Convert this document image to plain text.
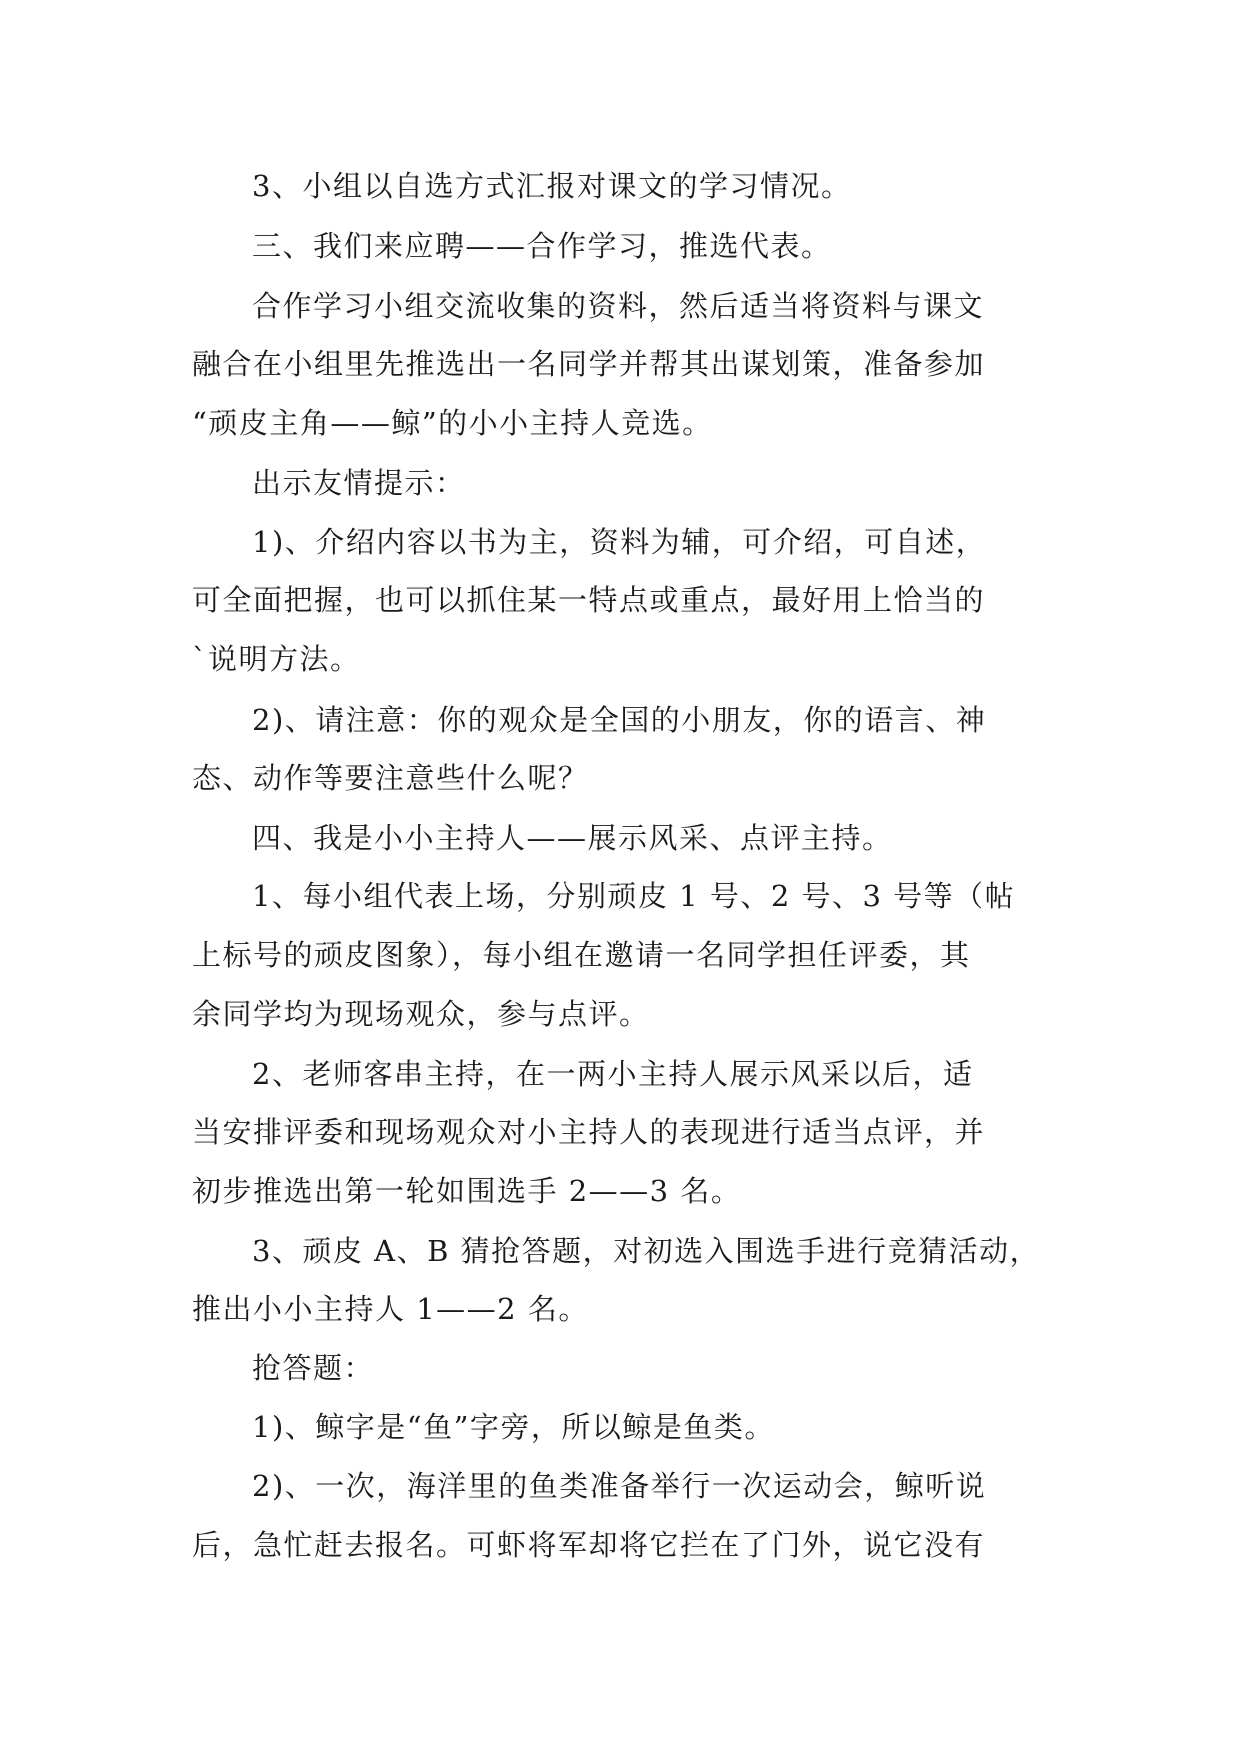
3、小组以自选方式汇报对课文的学习情况。
三、我们来应聘——合作学习，推选代表。
合作学习小组交流收集的资料，然后适当将资料与课文
融合在小组里先推选出一名同学并帮其出谋划策，准备参加
“顽皮主角——鲸”的小小主持人竞选。
出示友情提示：
1)、介绍内容以书为主，资料为辅，可介绍，可自述，
可全面把握，也可以抓住某一特点或重点，最好用上恰当的
`说明方法。
2)、请注意：你的观众是全国的小朋友，你的语言、神
态、动作等要注意些什么呢？
四、我是小小主持人——展示风采、点评主持。
1、每小组代表上场，分别顽皮 1 号、2 号、3 号等（帖
上标号的顽皮图象），每小组在邀请一名同学担任评委，其
余同学均为现场观众，参与点评。
2、老师客串主持，在一两小主持人展示风采以后，适
当安排评委和现场观众对小主持人的表现进行适当点评，并
初步推选出第一轮如围选手 2——3 名。
3、顽皮 A、B 猜抢答题，对初选入围选手进行竞猜活动，
推出小小主持人 1——2 名。
抢答题：
1)、鲸字是“鱼”字旁，所以鲸是鱼类。
2)、一次，海洋里的鱼类准备举行一次运动会，鲸听说
后，急忙赶去报名。可虾将军却将它拦在了门外，说它没有
